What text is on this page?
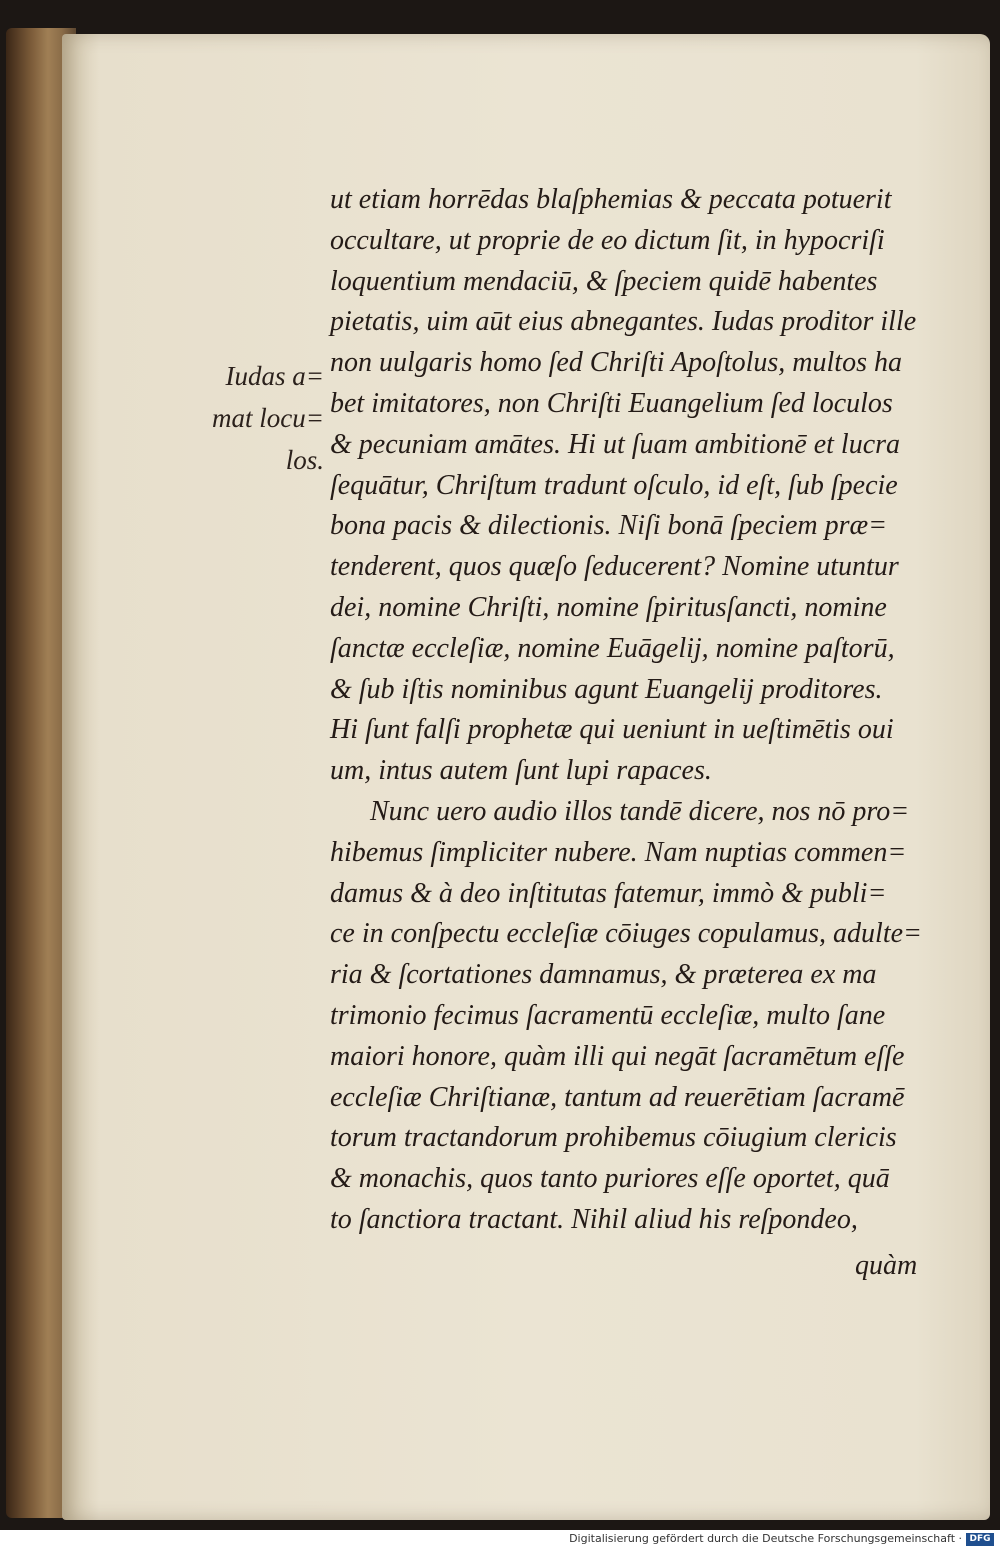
Iudas a=
mat locu=
los.
ut etiam horrēdas blaſphemias & peccata potuerit
occultare, ut proprie de eo dictum ſit, in hypocriſi
loquentium mendaciū, & ſpeciem quidē habentes
pietatis, uim aūt eius abnegantes. Iudas proditor ille
non uulgaris homo ſed Chriſti Apoſtolus, multos ha
bet imitatores, non Chriſti Euangelium ſed loculos
& pecuniam amātes. Hi ut ſuam ambitionē et lucra
ſequātur, Chriſtum tradunt oſculo, id eſt, ſub ſpecie
bona pacis & dilectionis. Niſi bonā ſpeciem præ=
tenderent, quos quæſo ſeducerent? Nomine utuntur
dei, nomine Chriſti, nomine ſpiritusſancti, nomine
ſanctæ eccleſiæ, nomine Euāgelij, nomine paſtorū,
& ſub iſtis nominibus agunt Euangelij proditores.
Hi ſunt falſi prophetæ qui ueniunt in ueſtimētis oui
um, intus autem ſunt lupi rapaces.
Nunc uero audio illos tandē dicere, nos nō pro=
hibemus ſimpliciter nubere. Nam nuptias commen=
damus & à deo inſtitutas fatemur, immò & publi=
ce in conſpectu eccleſiæ cōiuges copulamus, adulte=
ria & ſcortationes damnamus, & præterea ex ma
trimonio fecimus ſacramentū eccleſiæ, multo ſane
maiori honore, quàm illi qui negāt ſacramētum eſſe
eccleſiæ Chriſtianæ, tantum ad reuerētiam ſacramē
torum tractandorum prohibemus cōiugium clericis
& monachis, quos tanto puriores eſſe oportet, quā
to ſanctiora tractant. Nihil aliud his reſpondeo,
quàm
Digitalisierung gefördert durch die Deutsche Forschungsgemeinschaft · DFG
